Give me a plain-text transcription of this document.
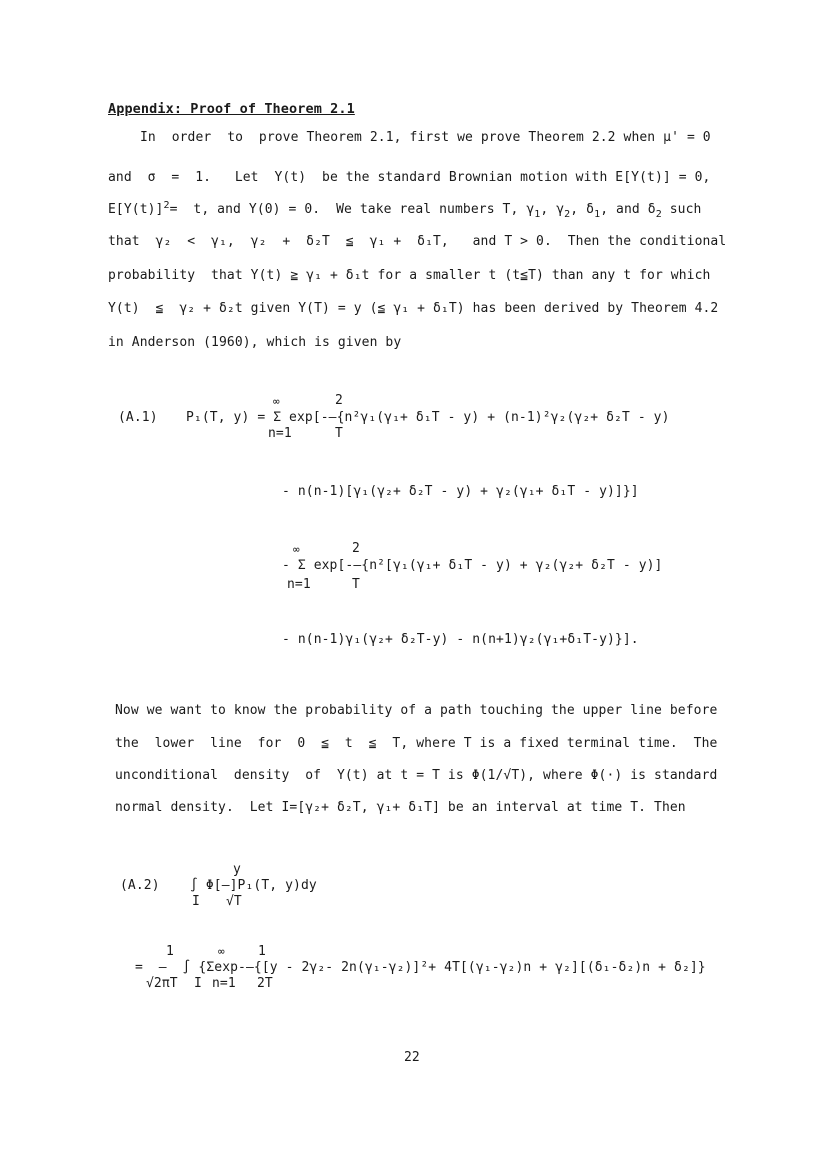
Appendix: Proof of Theorem 2.1
In  order  to  prove Theorem 2.1, first we prove Theorem 2.2 when μ' = 0
and  σ  =  1.   Let  Y(t)  be the standard Brownian motion with E[Y(t)] = 0,
$E[Y(t)]^2= t$, and Y(0) = 0.  We take real numbers T, $\gamma_1$, $\gamma_2$, $\delta_1$, and $\delta_2$ such
that  γ₂  <  γ₁,  γ₂  +  δ₂T  ≦  γ₁ +  δ₁T,   and T > 0.  Then the conditional
probability  that Y(t) ≧ γ₁ + δ₁t for a smaller t (t≦T) than any t for which
Y(t)  ≦  γ₂ + δ₂t given Y(T) = y (≦ γ₁ + δ₁T) has been derived by Theorem 4.2
in Anderson (1960), which is given by
(A.1)
∞	2
P₁(T, y) = Σ exp[-—{n²γ₁(γ₁+ δ₁T - y) + (n-1)²γ₂(γ₂+ δ₂T - y)
n=1	T
- n(n-1)[γ₁(γ₂+ δ₂T - y) + γ₂(γ₁+ δ₁T - y)]}]
∞	2
- Σ exp[-—{n²[γ₁(γ₁+ δ₁T - y) + γ₂(γ₂+ δ₂T - y)]
n=1	T
- n(n-1)γ₁(γ₂+ δ₂T-y) - n(n+1)γ₂(γ₁+δ₁T-y)}].
Now we want to know the probability of a path touching the upper line before
the  lower  line  for  0  ≦  t  ≦  T, where T is a fixed terminal time.  The
unconditional  density  of  Y(t) at t = T is Φ(1/√T), where Φ(·) is standard
normal density.  Let I=[γ₂+ δ₂T, γ₁+ δ₁T] be an interval at time T. Then
y
(A.2) ∫ Φ[—]P₁(T, y)dy
I √T
1	∞	1
=  —  ∫ {Σexp-—{[y - 2γ₂- 2n(γ₁-γ₂)]²+ 4T[(γ₁-γ₂)n + γ₂][(δ₁-δ₂)n + δ₂]}
√2πT I n=1 2T
22
